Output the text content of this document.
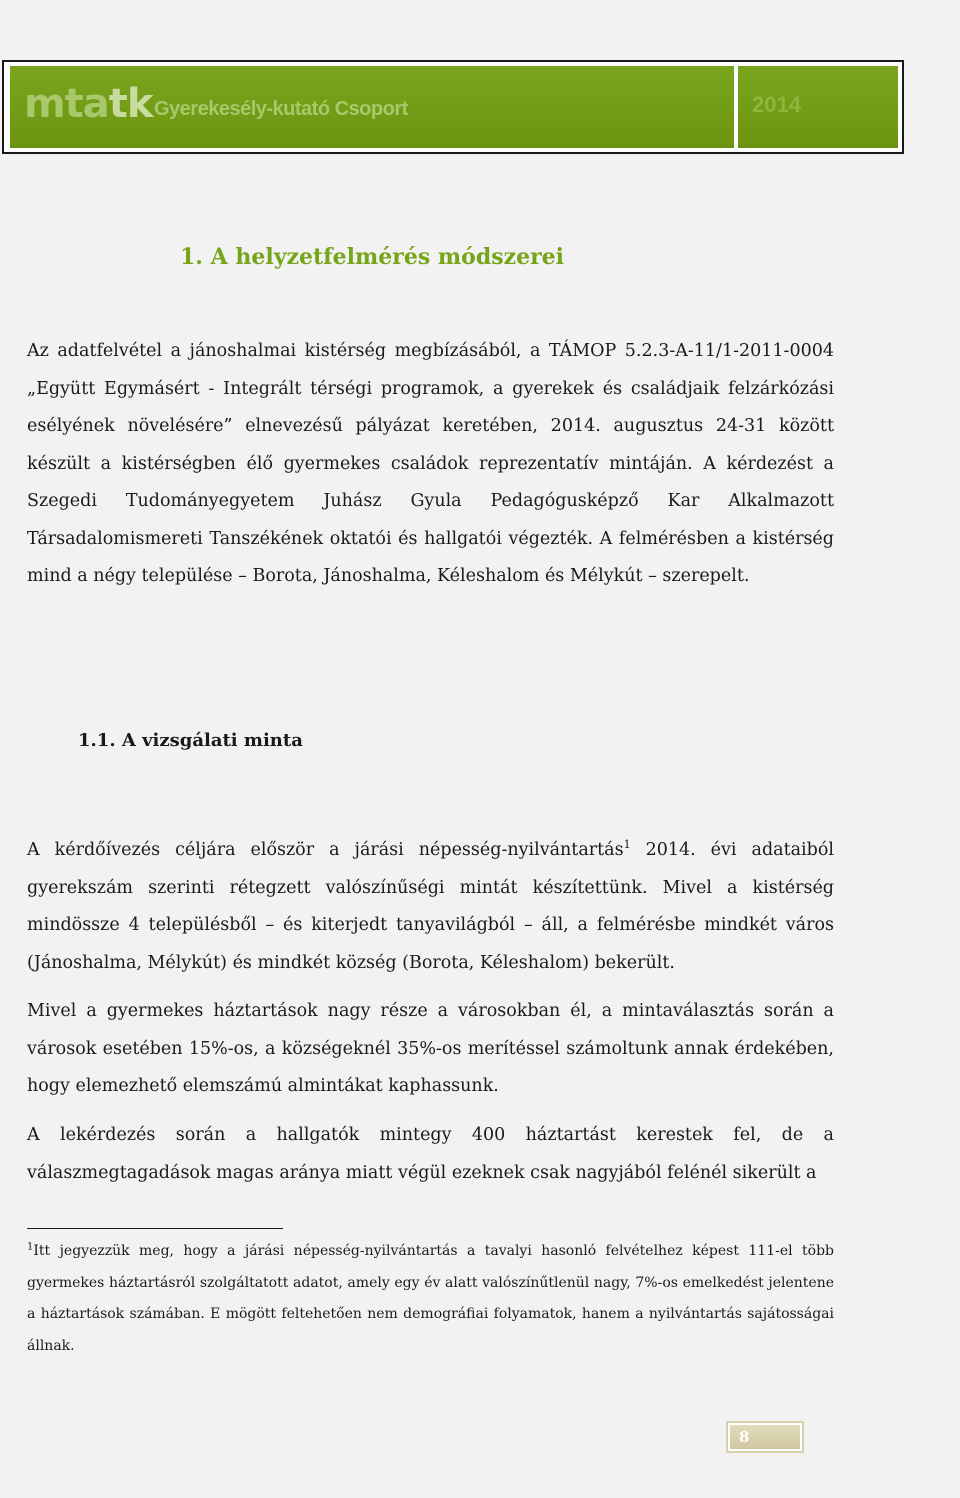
mtatk Gyerekesély-kutató Csoport	2014
1. A helyzetfelmérés módszerei
Az adatfelvétel a jánoshalmai kistérség megbízásából, a TÁMOP 5.2.3-A-11/1-2011-0004 „Együtt Egymásért - Integrált térségi programok, a gyerekek és családjaik felzárkózási esélyének növelésére” elnevezésű pályázat keretében, 2014. augusztus 24-31 között készült a kistérségben élő gyermekes családok reprezentatív mintáján. A kérdezést a Szegedi Tudományegyetem Juhász Gyula Pedagógusképző Kar Alkalmazott Társadalomismereti Tanszékének oktatói és hallgatói végezték. A felmérésben a kistérség mind a négy települése – Borota, Jánoshalma, Kéleshalom és Mélykút – szerepelt.
1.1. A vizsgálati minta
A kérdőívezés céljára először a járási népesség-nyilvántartás$^1$ 2014. évi adataiból gyerekszám szerinti rétegzett valószínűségi mintát készítettünk. Mivel a kistérség mindössze 4 településből – és kiterjedt tanyavilágból – áll, a felmérésbe mindkét város (Jánoshalma, Mélykút) és mindkét község (Borota, Kéleshalom) bekerült.
Mivel a gyermekes háztartások nagy része a városokban él, a mintaválasztás során a városok esetében 15%-os, a községeknél 35%-os merítéssel számoltunk annak érdekében, hogy elemezhető elemszámú almintákat kaphassunk.
A lekérdezés során a hallgatók mintegy 400 háztartást kerestek fel, de a válaszmegtagadások magas aránya miatt végül ezeknek csak nagyjából felénél sikerült a
$^1$Itt jegyezzük meg, hogy a járási népesség-nyilvántartás a tavalyi hasonló felvételhez képest 111-el több gyermekes háztartásról szolgáltatott adatot, amely egy év alatt valószínűtlenül nagy, 7%-os emelkedést jelentene a háztartások számában. E mögött feltehetően nem demográfiai folyamatok, hanem a nyilvántartás sajátosságai állnak.
8
